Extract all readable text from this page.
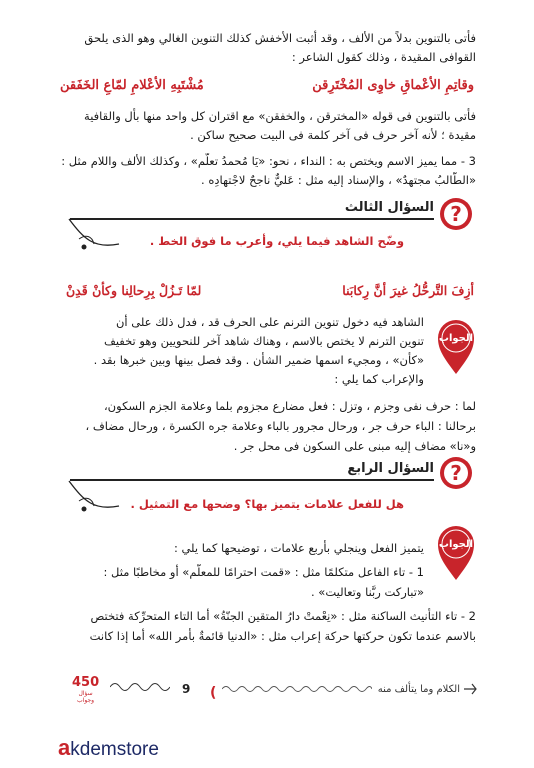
فأتى بالتنوين بدلاً من الألف ، وقد أثبت الأخفش كذلك التنوين الغالي وهو الذى يلحق
القوافى المقيدة ، وذلك كقول الشاعر :
وقاتِمِ الأعْماقِ خاوِى المُخْتَرِقن
مُشْتَبِهِ الأعْلامِ لمّاعِ الخَفَقن
فأتى بالتنوين فى قوله «المخترقن ، والخفقن» مع اقتران كل واحد منها بأل والقافية
مقيدة ؛ لأنه آخر حرف فى آخر كلمة فى البيت صحيح ساكن .
3 - مما يميز الاسم ويختص به : النداء ، نحو: «يَا مُحمدُ تعلّم» ، وكذلك الألف واللام مثل :
«الطّالبُ مجتهدٌ» ، والإسناد إليه مثل : عَليٌّ ناجحٌ لاجْتهادِه .
?
السؤال الثالث
وضّح الشاهد فيما يلي، وأعرب ما فوق الخط .
أزِفَ التَّرحُّلُ غيرَ أنَّ رِكابَنا
لمّا تَـزُلْ بِرِحالِنا وكأنْ قَدِنْ
الجواب
الشاهد فيه دخول تنوين الترنم على الحرف قد ، فدل ذلك على أن
تنوين الترنم لا يختص بالاسم ، وهناك شاهد آخر للنحويين وهو تخفيف
«كأن» ، ومجيء اسمها ضمير الشأن . وقد فصل بينها وبين خبرها بقد .
والإعراب كما يلي :
لما : حرف نفى وجزم ، وتزل : فعل مضارع مجزوم بلما وعلامة الجزم السكون،
برحالنا : الباء حرف جر ، ورحال مجرور بالباء وعلامة جره الكسرة ، ورحال مضاف ،
و«نا» مضاف إليه مبنى على السكون فى محل جر .
?
السؤال الرابع
هل للفعل علامات يتميز بها؟ وضحها مع التمثيل .
الجواب
يتميز الفعل وينجلي بأربع علامات ، توضيحها كما يلي :
1 - تاء الفاعل متكلمًا مثل : «قمت احترامًا للمعلّم» أو مخاطبًا مثل :
«تباركت ربَّنا وتعاليت» .
2 - تاء التأنيث الساكنة مثل : «نِعْمتْ دارُ المتقين الجنّةُ» أما التاء المتحرِّكة فتختص
بالاسم عندما تكون حركتها حركة إعراب مثل : «الدنيا قائمةٌ بأمر الله» أما إذا كانت
450
سؤال
وجواب
9 )	الكلام وما يتألف منه
akdemstore
